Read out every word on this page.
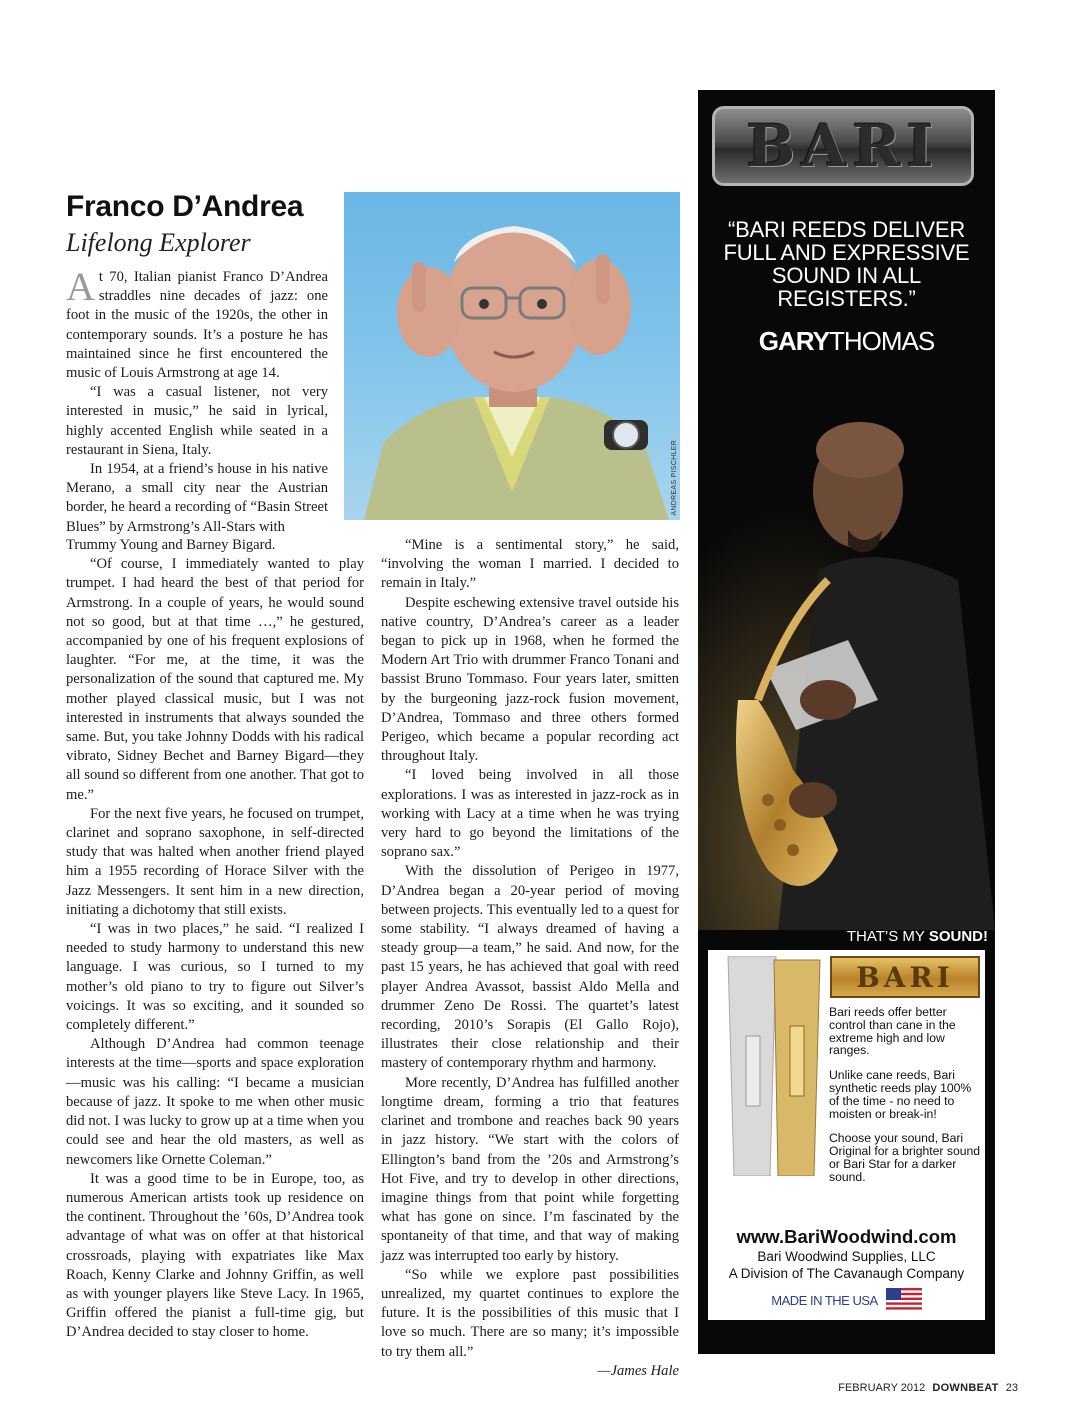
Franco D’Andrea
Lifelong Explorer

At 70, Italian pianist Franco D’Andrea straddles nine decades of jazz: one foot in the music of the 1920s, the other in contemporary sounds. It’s a posture he has maintained since he first encountered the music of Louis Armstrong at age 14.

“I was a casual listener, not very interested in music,” he said in lyrical, highly accented English while seated in a restaurant in Siena, Italy.

In 1954, at a friend’s house in his native Merano, a small city near the Austrian border, he heard a recording of “Basin Street Blues” by Armstrong’s All-Stars with

ANDREAS PISCHLER

Trummy Young and Barney Bigard.

“Of course, I immediately wanted to play trumpet. I had heard the best of that period for Armstrong. In a couple of years, he would sound not so good, but at that time …,” he gestured, accompanied by one of his frequent explosions of laughter. “For me, at the time, it was the personalization of the sound that captured me. My mother played classical music, but I was not interested in instruments that always sounded the same. But, you take Johnny Dodds with his radical vibrato, Sidney Bechet and Barney Bigard—they all sound so different from one another. That got to me.”

For the next five years, he focused on trumpet, clarinet and soprano saxophone, in self-directed study that was halted when another friend played him a 1955 recording of Horace Silver with the Jazz Messengers. It sent him in a new direction, initiating a dichotomy that still exists.

“I was in two places,” he said. “I realized I needed to study harmony to understand this new language. I was curious, so I turned to my mother’s old piano to try to figure out Silver’s voicings. It was so exciting, and it sounded so completely different.”

Although D’Andrea had common teenage interests at the time—sports and space exploration—music was his calling: “I became a musician because of jazz. It spoke to me when other music did not. I was lucky to grow up at a time when you could see and hear the old masters, as well as newcomers like Ornette Coleman.”

It was a good time to be in Europe, too, as numerous American artists took up residence on the continent. Throughout the ’60s, D’Andrea took advantage of what was on offer at that historical crossroads, playing with expatriates like Max Roach, Kenny Clarke and Johnny Griffin, as well as with younger players like Steve Lacy. In 1965, Griffin offered the pianist a full-time gig, but D’Andrea decided to stay closer to home.

“Mine is a sentimental story,” he said, “involving the woman I married. I decided to remain in Italy.”

Despite eschewing extensive travel outside his native country, D’Andrea’s career as a leader began to pick up in 1968, when he formed the Modern Art Trio with drummer Franco Tonani and bassist Bruno Tommaso. Four years later, smitten by the burgeoning jazz-rock fusion movement, D’Andrea, Tommaso and three others formed Perigeo, which became a popular recording act throughout Italy.

“I loved being involved in all those explorations. I was as interested in jazz-rock as in working with Lacy at a time when he was trying very hard to go beyond the limitations of the soprano sax.”

With the dissolution of Perigeo in 1977, D’Andrea began a 20-year period of moving between projects. This eventually led to a quest for some stability. “I always dreamed of having a steady group—a team,” he said. And now, for the past 15 years, he has achieved that goal with reed player Andrea Avassot, bassist Aldo Mella and drummer Zeno De Rossi. The quartet’s latest recording, 2010’s Sorapis (El Gallo Rojo), illustrates their close relationship and their mastery of contemporary rhythm and harmony.

More recently, D’Andrea has fulfilled another longtime dream, forming a trio that features clarinet and trombone and reaches back 90 years in jazz history. “We start with the colors of Ellington’s band from the ’20s and Armstrong’s Hot Five, and try to develop in other directions, imagine things from that point while forgetting what has gone on since. I’m fascinated by the spontaneity of that time, and that way of making jazz was interrupted too early by history.

“So while we explore past possibilities unrealized, my quartet continues to explore the future. It is the possibilities of this music that I love so much. There are so many; it’s impossible to try them all.”

—James Hale
BARI
“BARI REEDS DELIVER FULL AND EXPRESSIVE SOUND IN ALL REGISTERS.”
GARYTHOMAS
THAT’S MY SOUND!
BARI

Bari reeds offer better control than cane in the extreme high and low ranges.

Unlike cane reeds, Bari synthetic reeds play 100% of the time - no need to moisten or break-in!

Choose your sound, Bari Original for a brighter sound or Bari Star for a darker sound.

www.BariWoodwind.com
Bari Woodwind Supplies, LLC
A Division of The Cavanaugh Company
MADE IN THE USA
FEBRUARY 2012 DOWNBEAT 23
